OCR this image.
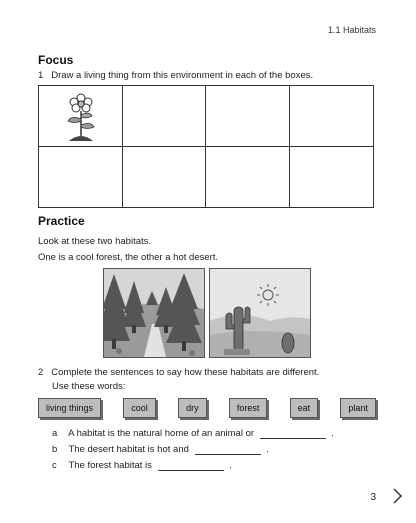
1.1 Habitats
Focus
1 Draw a living thing from this environment in each of the boxes.
Practice
Look at these two habitats.
One is a cool forest, the other a hot desert.
2 Complete the sentences to say how these habitats are different.
Use these words:
living things	cool	dry	forest	eat	plant
a A habitat is the natural home of an animal or	.
b The desert habitat is hot and	.
c The forest habitat is	.
3
